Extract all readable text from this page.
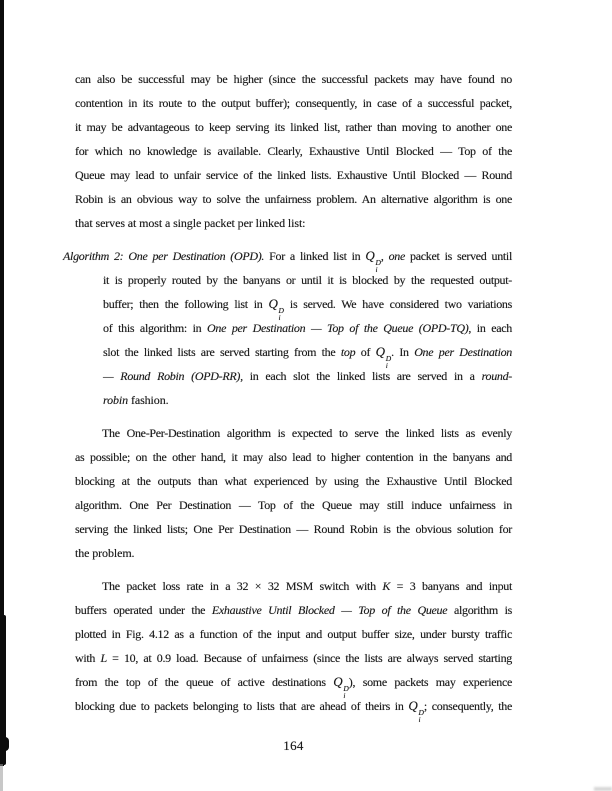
can also be successful may be higher (since the successful packets may have found no
contention in its route to the output buffer); consequently, in case of a successful packet,
it may be advantageous to keep serving its linked list, rather than moving to another one
for which no knowledge is available. Clearly, Exhaustive Until Blocked — Top of the
Queue may lead to unfair service of the linked lists. Exhaustive Until Blocked — Round
Robin is an obvious way to solve the unfairness problem. An alternative algorithm is one
that serves at most a single packet per linked list:
Algorithm 2: One per Destination (OPD). For a linked list in Q D
i
, one packet is served until
it is properly routed by the banyans or until it is blocked by the requested output-
buffer; then the following list in Q D
i
is served. We have considered two variations
of this algorithm: in One per Destination — Top of the Queue (OPD-TQ), in each
slot the linked lists are served starting from the top of Q D
i
. In One per Destination
— Round Robin (OPD-RR), in each slot the linked lists are served in a round-
robin fashion.
The One-Per-Destination algorithm is expected to serve the linked lists as evenly
as possible; on the other hand, it may also lead to higher contention in the banyans and
blocking at the outputs than what experienced by using the Exhaustive Until Blocked
algorithm. One Per Destination — Top of the Queue may still induce unfairness in
serving the linked lists; One Per Destination — Round Robin is the obvious solution for
the problem.
The packet loss rate in a 32 × 32 MSM switch with K = 3 banyans and input
buffers operated under the Exhaustive Until Blocked — Top of the Queue algorithm is
plotted in Fig. 4.12 as a function of the input and output buffer size, under bursty traffic
with L = 10, at 0.9 load. Because of unfairness (since the lists are always served starting
from the top of the queue of active destinations Q D
i
), some packets may experience
blocking due to packets belonging to lists that are ahead of theirs in Q D
i
; consequently, the
164
